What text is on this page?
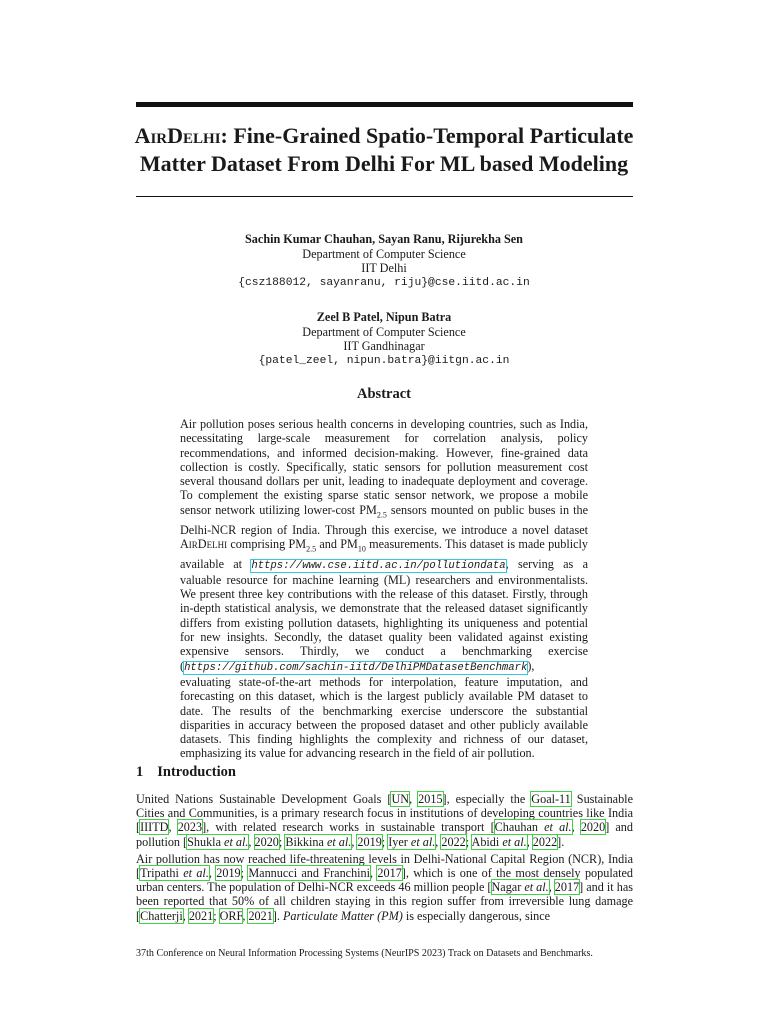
AirDelhi: Fine-Grained Spatio-Temporal Particulate
Matter Dataset From Delhi For ML based Modeling
Sachin Kumar Chauhan, Sayan Ranu, Rijurekha Sen
Department of Computer Science
IIT Delhi
{csz188012, sayanranu, riju}@cse.iitd.ac.in
Zeel B Patel, Nipun Batra
Department of Computer Science
IIT Gandhinagar
{patel_zeel, nipun.batra}@iitgn.ac.in
Abstract

Air pollution poses serious health concerns in developing countries, such as India, necessitating large-scale measurement for correlation analysis, policy recommendations, and informed decision-making. However, fine-grained data collection is costly. Specifically, static sensors for pollution measurement cost several thousand dollars per unit, leading to inadequate deployment and coverage. To complement the existing sparse static sensor network, we propose a mobile sensor network utilizing lower-cost $PM_{2.5}$ sensors mounted on public buses in the Delhi-NCR region of India. Through this exercise, we introduce a novel dataset AirDelhi comprising $PM_{2.5}$ and $PM_{10}$ measurements. This dataset is made publicly available at https://www.cse.iitd.ac.in/pollutiondata, serving as a valuable resource for machine learning (ML) researchers and environmentalists. We present three key contributions with the release of this dataset. Firstly, through in-depth statistical analysis, we demonstrate that the released dataset significantly differs from existing pollution datasets, highlighting its uniqueness and potential for new insights. Secondly, the dataset quality been validated against existing expensive sensors. Thirdly, we conduct a benchmarking exercise (https://github.com/sachin-iitd/DelhiPMDatasetBenchmark), evaluating state-of-the-art methods for interpolation, feature imputation, and forecasting on this dataset, which is the largest publicly available PM dataset to date. The results of the benchmarking exercise underscore the substantial disparities in accuracy between the proposed dataset and other publicly available datasets. This finding highlights the complexity and richness of our dataset, emphasizing its value for advancing research in the field of air pollution.

1 Introduction

United Nations Sustainable Development Goals [UN, 2015], especially the Goal-11 Sustainable Cities and Communities, is a primary research focus in institutions of developing countries like India [IIITD, 2023], with related research works in sustainable transport [Chauhan et al., 2020] and pollution [Shukla et al., 2020; Bikkina et al., 2019; Iyer et al., 2022; Abidi et al., 2022].

Air pollution has now reached life-threatening levels in Delhi-National Capital Region (NCR), India [Tripathi et al., 2019; Mannucci and Franchini, 2017], which is one of the most densely populated urban centers. The population of Delhi-NCR exceeds 46 million people [Nagar et al., 2017] and it has been reported that 50% of all children staying in this region suffer from irreversible lung damage [Chatterji, 2021; ORF, 2021]. Particulate Matter (PM) is especially dangerous, since

37th Conference on Neural Information Processing Systems (NeurIPS 2023) Track on Datasets and Benchmarks.
